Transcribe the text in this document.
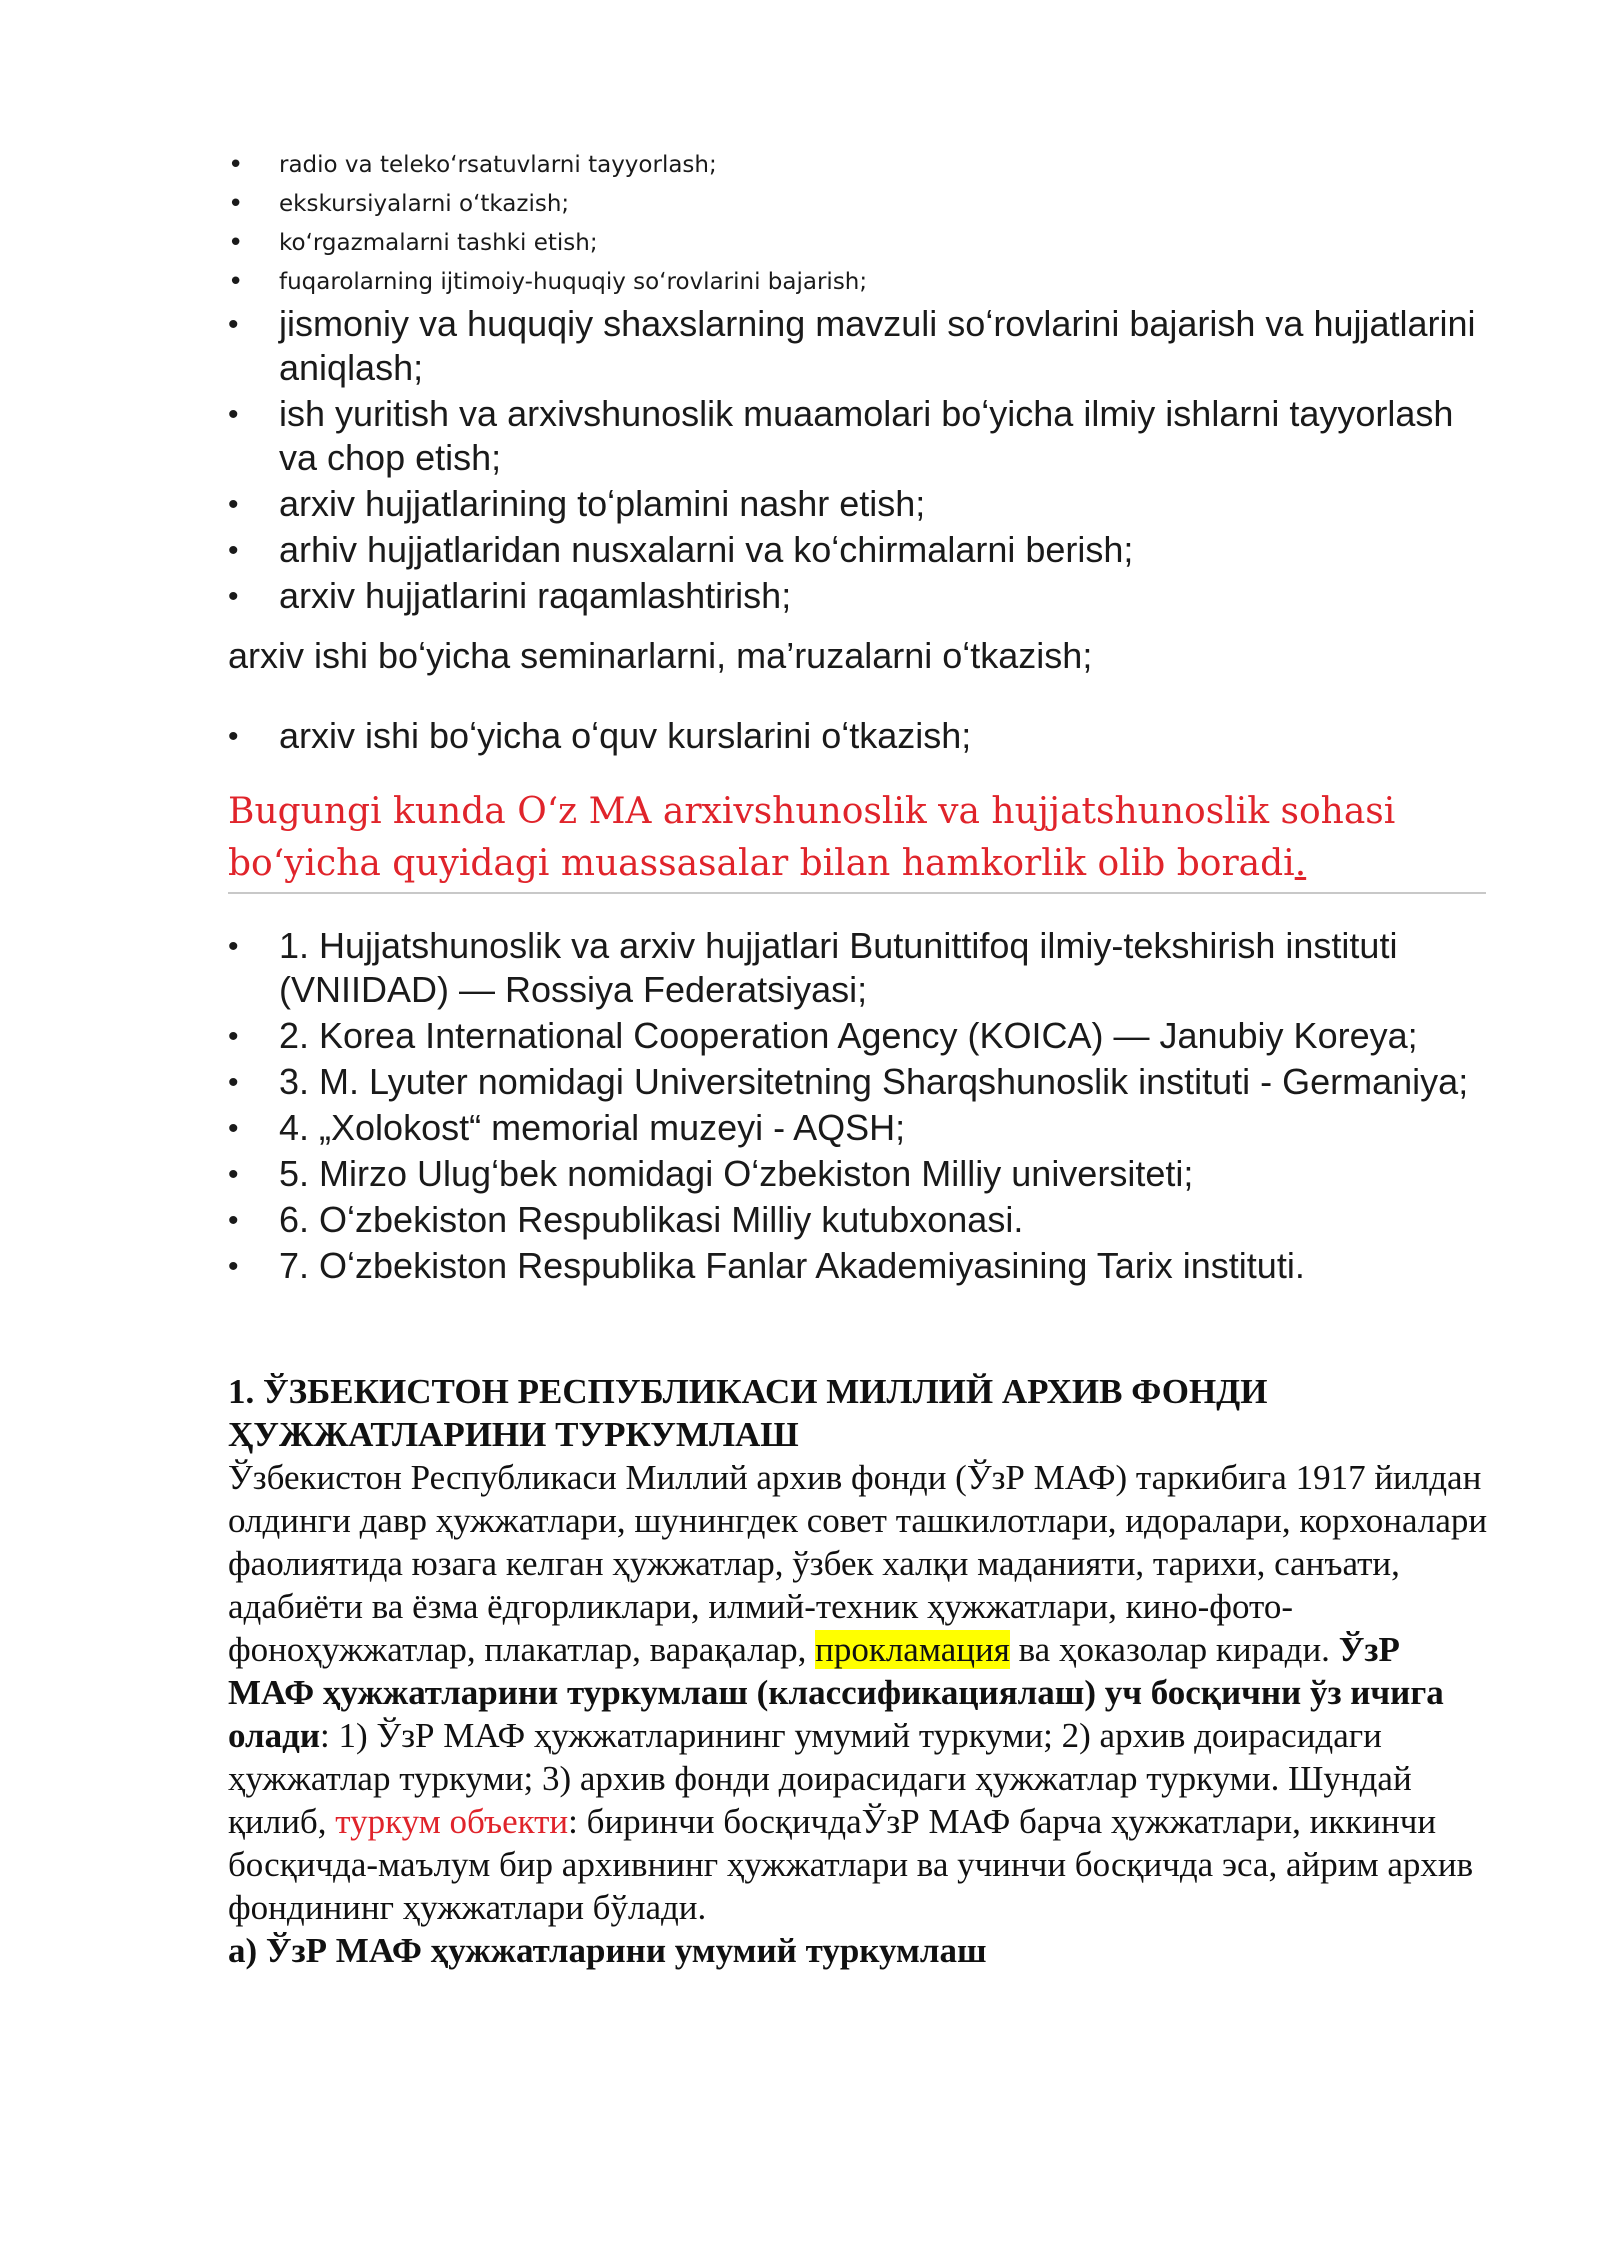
• radio va telekoʻrsatuvlarni tayyorlash;
• ekskursiyalarni oʻtkazish;
• koʻrgazmalarni tashki etish;
• fuqarolarning ijtimoiy-huquqiy soʻrovlarini bajarish;
• jismoniy va huquqiy shaxslarning mavzuli soʻrovlarini bajarish va hujjatlarini aniqlash;
• ish yuritish va arxivshunoslik muaamolari boʻyicha ilmiy ishlarni tayyorlash va chop etish;
• arxiv hujjatlarining toʻplamini nashr etish;
• arhiv hujjatlaridan nusxalarni va koʻchirmalarni berish;
• arxiv hujjatlarini raqamlashtirish;
arxiv ishi boʻyicha seminarlarni, ma’ruzalarni oʻtkazish;
• arxiv ishi boʻyicha oʻquv kurslarini oʻtkazish;
Bugungi kunda Oʻz MA arxivshunoslik va hujjatshunoslik sohasi boʻyicha quyidagi muassasalar bilan hamkorlik olib boradi.
• 1. Hujjatshunoslik va arxiv hujjatlari Butunittifoq ilmiy-tekshirish instituti (VNIIDAD) — Rossiya Federatsiyasi;
• 2. Korea International Cooperation Agency (KOICA) — Janubiy Koreya;
• 3. M. Lyuter nomidagi Universitetning Sharqshunoslik instituti - Germaniya;
• 4. „Xolokost“ memorial muzeyi - AQSH;
• 5. Mirzo Ulugʻbek nomidagi Oʻzbekiston Milliy universiteti;
• 6. Oʻzbekiston Respublikasi Milliy kutubxonasi.
• 7. Oʻzbekiston Respublika Fanlar Akademiyasining Tarix instituti.
1. ЎЗБЕКИСТОН РЕСПУБЛИКАСИ МИЛЛИЙ АРХИВ ФОНДИ ҲУЖЖАТЛАРИНИ ТУРКУМЛАШ

Ўзбекистон Республикаси Миллий архив фонди (ЎзР МАФ) таркибига 1917 йилдан олдинги давр ҳужжатлари, шунингдек совет ташкилотлари, идоралари, корхоналари фаолиятида юзага келган ҳужжатлар, ўзбек халқи маданияти, тарихи, санъати, адабиёти ва ёзма ёдгорликлари, илмий-техник ҳужжатлари, кино-фото-фоноҳужжатлар, плакатлар, варақалар, прокламация ва ҳоказолар киради. ЎзР МАФ ҳужжатларини туркумлаш (классификациялаш) уч босқични ўз ичига олади: 1) ЎзР МАФ ҳужжатларининг умумий туркуми; 2) архив доирасидаги ҳужжатлар туркуми; 3) архив фонди доирасидаги ҳужжатлар туркуми. Шундай қилиб, туркум объекти: биринчи босқичдаЎзР МАФ барча ҳужжатлари, иккинчи босқичда-маълум бир архивнинг ҳужжатлари ва учинчи босқичда эса, айрим архив фондининг ҳужжатлари бўлади.

а) ЎзР МАФ ҳужжатларини умумий туркумлаш
